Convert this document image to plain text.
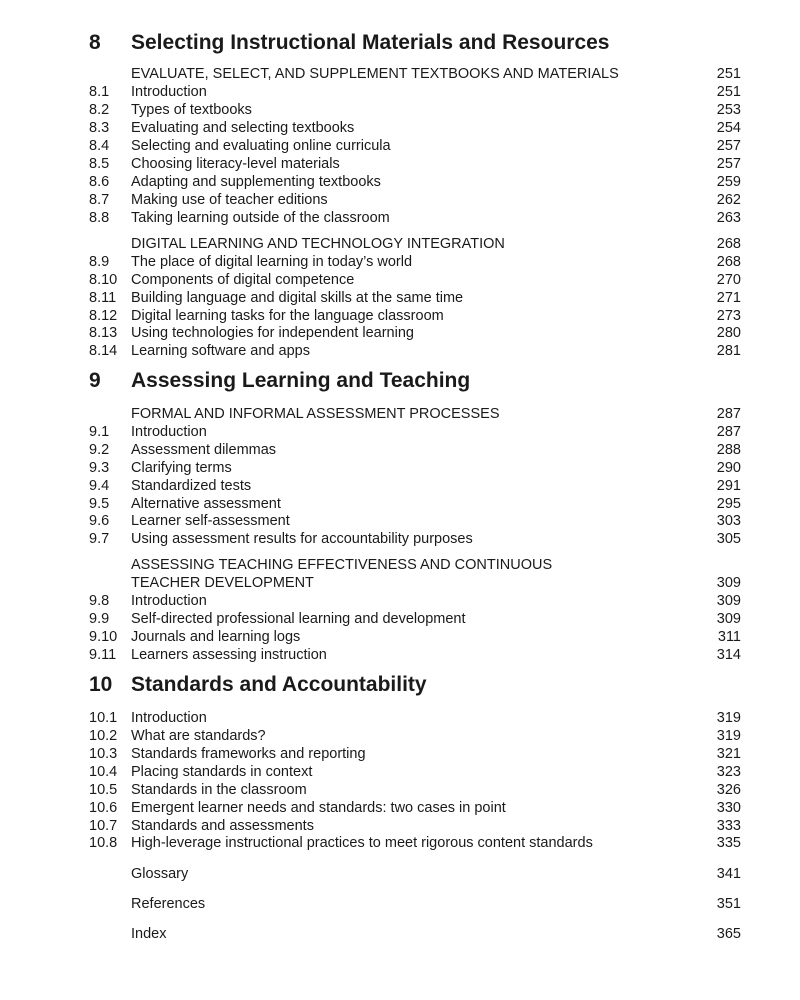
8 Selecting Instructional Materials and Resources
EVALUATE, SELECT, AND SUPPLEMENT TEXTBOOKS AND MATERIALS	251
8.1 Introduction	251
8.2 Types of textbooks	253
8.3 Evaluating and selecting textbooks	254
8.4 Selecting and evaluating online curricula	257
8.5 Choosing literacy-level materials	257
8.6 Adapting and supplementing textbooks	259
8.7 Making use of teacher editions	262
8.8 Taking learning outside of the classroom	263
DIGITAL LEARNING AND TECHNOLOGY INTEGRATION	268
8.9 The place of digital learning in today’s world	268
8.10 Components of digital competence	270
8.11 Building language and digital skills at the same time	271
8.12 Digital learning tasks for the language classroom	273
8.13 Using technologies for independent learning	280
8.14 Learning software and apps	281
9 Assessing Learning and Teaching
FORMAL AND INFORMAL ASSESSMENT PROCESSES	287
9.1 Introduction	287
9.2 Assessment dilemmas	288
9.3 Clarifying terms	290
9.4 Standardized tests	291
9.5 Alternative assessment	295
9.6 Learner self-assessment	303
9.7 Using assessment results for accountability purposes	305
ASSESSING TEACHING EFFECTIVENESS AND CONTINUOUS
TEACHER DEVELOPMENT	309
9.8 Introduction	309
9.9 Self-directed professional learning and development	309
9.10 Journals and learning logs	311
9.11 Learners assessing instruction	314
10 Standards and Accountability
10.1 Introduction	319
10.2 What are standards?	319
10.3 Standards frameworks and reporting	321
10.4 Placing standards in context	323
10.5 Standards in the classroom	326
10.6 Emergent learner needs and standards: two cases in point	330
10.7 Standards and assessments	333
10.8 High-leverage instructional practices to meet rigorous content standards	335
Glossary	341
References	351
Index	365
